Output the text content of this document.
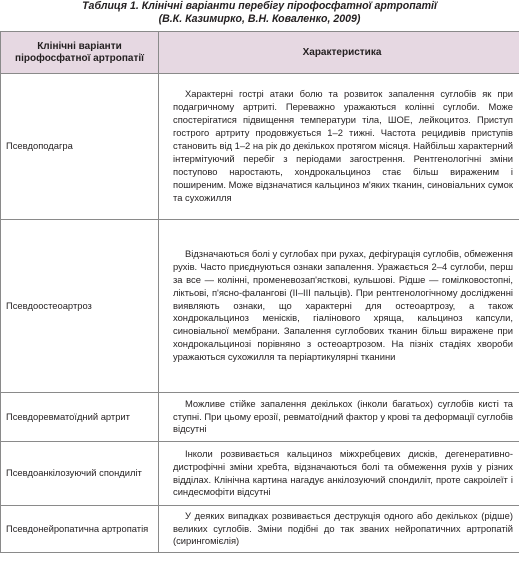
Таблиця 1. Клінічні варіанти перебігу пірофосфатної артропатії
(В.К. Казимирко, В.Н. Коваленко, 2009)
Клінічні варіанти пірофосфатної артропатії	Характеристика
Псевдоподагра	Характерні гострі атаки болю та розвиток запалення суглобів як при подагричному артриті. Переважно уражаються колінні суглоби. Може спостерігатися підвищення температури тіла, ШОЕ, лейкоцитоз. Приступ гострого артриту продовжується 1–2 тижні. Частота рецидивів приступів становить від 1–2 на рік до декількох протягом місяця. Найбільш характерний інтермітуючий перебіг з періодами загострення. Рентгенологічні зміни поступово наростають, хондрокальциноз стає більш вираженим і поширеним. Може відзначатися кальциноз м'яких тканин, синовіальних сумок та сухожилля

Псевдоостеоартроз	Відзначаються болі у суглобах при рухах, дефігурація суглобів, обмеження рухів. Часто приєднуються ознаки запалення. Уражається 2–4 суглоби, перш за все — колінні, променевозап'ясткові, кульшові. Рідше — гомілковостопні, ліктьові, п'ясно-фалангові (ІІ–ІІІ пальців). При рентгенологічному дослідженні виявляють ознаки, що характерні для остеоартрозу, а також хондрокальциноз менісків, гіалінового хряща, кальциноз капсули, синовіальної мембрани. Запалення суглобових тканин більш виражене при хондрокальцинозі порівняно з остеоартрозом. На пізніх стадіях хвороби уражаються сухожилля та періартикулярні тканини

Псевдоревматоїдний артрит	Можливе стійке запалення декількох (інколи багатьох) суглобів кисті та ступні. При цьому ерозії, ревматоїдний фактор у крові та деформації суглобів відсутні

Псевдоанкілозуючий спондиліт	Інколи розвивається кальциноз міжхребцевих дисків, дегенеративно-дистрофічні зміни хребта, відзначаються болі та обмеження рухів у різних відділах. Клінічна картина нагадує анкілозуючий спондиліт, проте сакроілеїт і синдесмофіти відсутні

Псевдонейропатична артропатія	У деяких випадках розвивається деструкція одного або декількох (рідше) великих суглобів. Зміни подібні до так званих нейропатичних артропатій (сирингомієлія)
